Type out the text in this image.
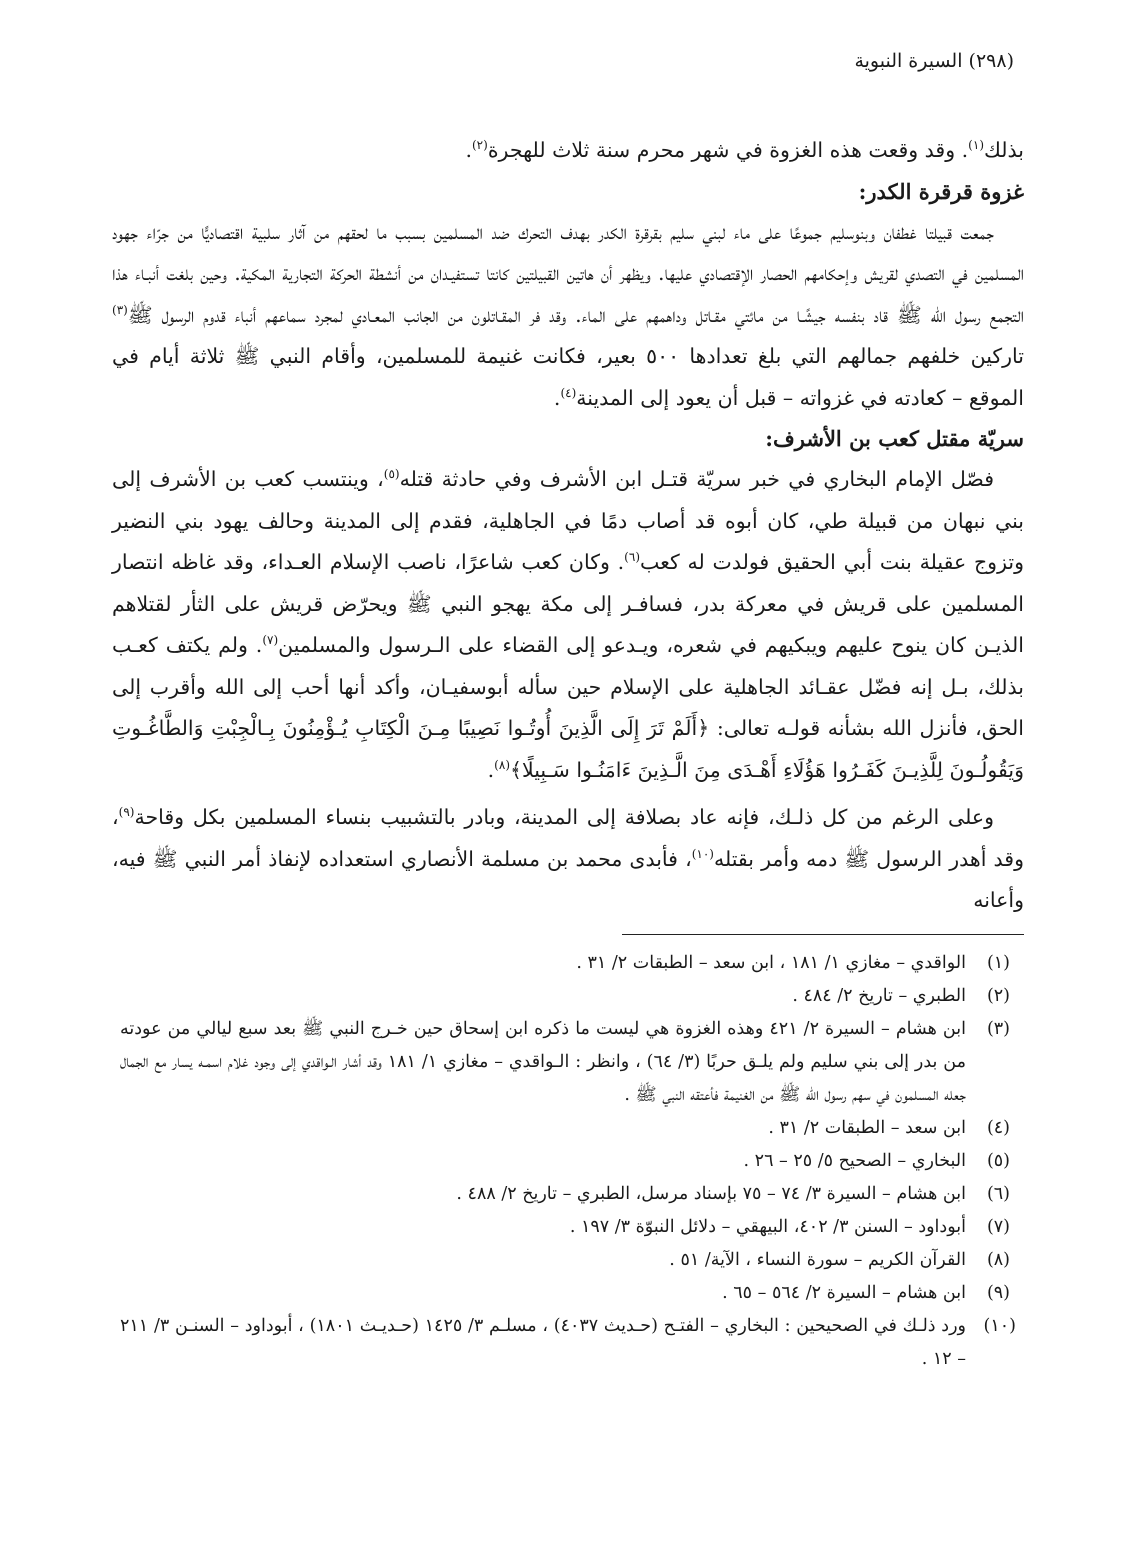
(٢٩٨) السيرة النبوية

بذلك$^{(١)}$. وقد وقعت هذه الغزوة في شهر محرم سنة ثلاث للهجرة$^{(٢)}$.

غزوة قرقرة الكدر:

جمعت قبيلتا غطفان وبنوسليم جموعًا على ماء لبني سليم بقرقرة الكدر بهدف التحرك ضد المسلمين بسبب ما لحقهم من آثار سلبية اقتصاديًّا من جرّاء جهود المسلمين في التصدي لقريش وإحكامهم الحصار الإقتصادي عليها. ويظهر أن هاتين القبيلتين كانتا تستفيـدان من أنشطة الحركة التجارية المكية. وحين بلغت أنبـاء هذا التجمع رسول الله ﷺ قاد بنفسه جيشًـا من مائتي مقـاتل وداهمهم على الماء. وقد فر المقـاتلون من الجانب المعـادي لمجرد سماعهم أنباء قدوم الرسول ﷺ$^{(٣)}$ تاركين خلفهم جمالهم التي بلغ تعدادها ٥٠٠ بعير، فكانت غنيمة للمسلمين، وأقام النبي ﷺ ثلاثة أيام في الموقع – كعادته في غزواته – قبل أن يعود إلى المدينة$^{(٤)}$.

سريّة مقتل كعب بن الأشرف:

فصّل الإمام البخاري في خبر سريّة قتـل ابن الأشرف وفي حادثة قتله$^{(٥)}$، وينتسب كعب بن الأشرف إلى بني نبهان من قبيلة طي، كان أبوه قد أصاب دمًا في الجاهلية، فقدم إلى المدينة وحالف يهود بني النضير وتزوج عقيلة بنت أبي الحقيق فولدت له كعب$^{(٦)}$. وكان كعب شاعرًا، ناصب الإسلام العـداء، وقد غاظه انتصار المسلمين على قريش في معركة بدر، فسافـر إلى مكة يهجو النبي ﷺ ويحرّض قريش على الثأر لقتلاهم الذيـن كان ينوح عليهم ويبكيهم في شعره، ويـدعو إلى القضاء على الـرسول والمسلمين$^{(٧)}$. ولم يكتف كعـب بذلك، بـل إنه فضّل عقـائد الجاهلية على الإسلام حين سأله أبوسفيـان، وأكد أنها أحب إلى الله وأقرب إلى الحق، فأنزل الله بشأنه قولـه تعالى: ﴿أَلَمْ تَرَ إِلَى الَّذِينَ أُوتُـوا نَصِيبًا مِـنَ الْكِتَابِ يُـؤْمِنُونَ بِـالْجِبْتِ وَالطَّاغُـوتِ وَيَقُولُـونَ لِلَّذِيـنَ كَفَـرُوا هَؤُلَاءِ أَهْـدَى مِنَ الَّـذِينَ ءَامَنُـوا سَـبِيلًا﴾$^{(٨)}$.

وعلى الرغم من كل ذلـك، فإنه عاد بصلافة إلى المدينة، وبادر بالتشبيب بنساء المسلمين بكل وقاحة$^{(٩)}$، وقد أهدر الرسول ﷺ دمه وأمر بقتله$^{(١٠)}$، فأبدى محمد بن مسلمة الأنصاري استعداده لإنفاذ أمر النبي ﷺ فيه، وأعانه

(١)
الواقدي – مغازي ١/ ١٨١ ، ابن سعد – الطبقات ٢/ ٣١ .
(٢)
الطبري – تاريخ ٢/ ٤٨٤ .
(٣)
ابن هشام – السيرة ٢/ ٤٢١ وهذه الغزوة هي ليست ما ذكره ابن إسحاق حين خـرج النبي ﷺ بعد سبع ليالي من عودته من بدر إلى بني سليم ولم يلـق حربًا (٣/ ٦٤) ، وانظر : الـواقدي – مغازي ١/ ١٨١ وقد أشار الـواقدي إلى وجود غلام اسمـه يسار مع الجمال جعله المسلمون في سهم رسول الله ﷺ من الغنيمة فأعتقه النبي ﷺ .
(٤)
ابن سعد – الطبقات ٢/ ٣١ .
(٥)
البخاري – الصحيح ٥/ ٢٥ – ٢٦ .
(٦)
ابن هشام – السيرة ٣/ ٧٤ – ٧٥ بإسناد مرسل، الطبري – تاريخ ٢/ ٤٨٨ .
(٧)
أبوداود – السنن ٣/ ٤٠٢، البيهقي – دلائل النبوّة ٣/ ١٩٧ .
(٨)
القرآن الكريم – سورة النساء ، الآية/ ٥١ .
(٩)
ابن هشام – السيرة ٢/ ٥٦٤ – ٦٥ .
(١٠)
ورد ذلـك في الصحيحين : البخاري – الفتـح (حـديث ٤٠٣٧) ، مسلـم ٣/ ١٤٢٥ (حـديـث ١٨٠١) ، أبوداود – السنـن ٣/ ٢١١ – ١٢ .
